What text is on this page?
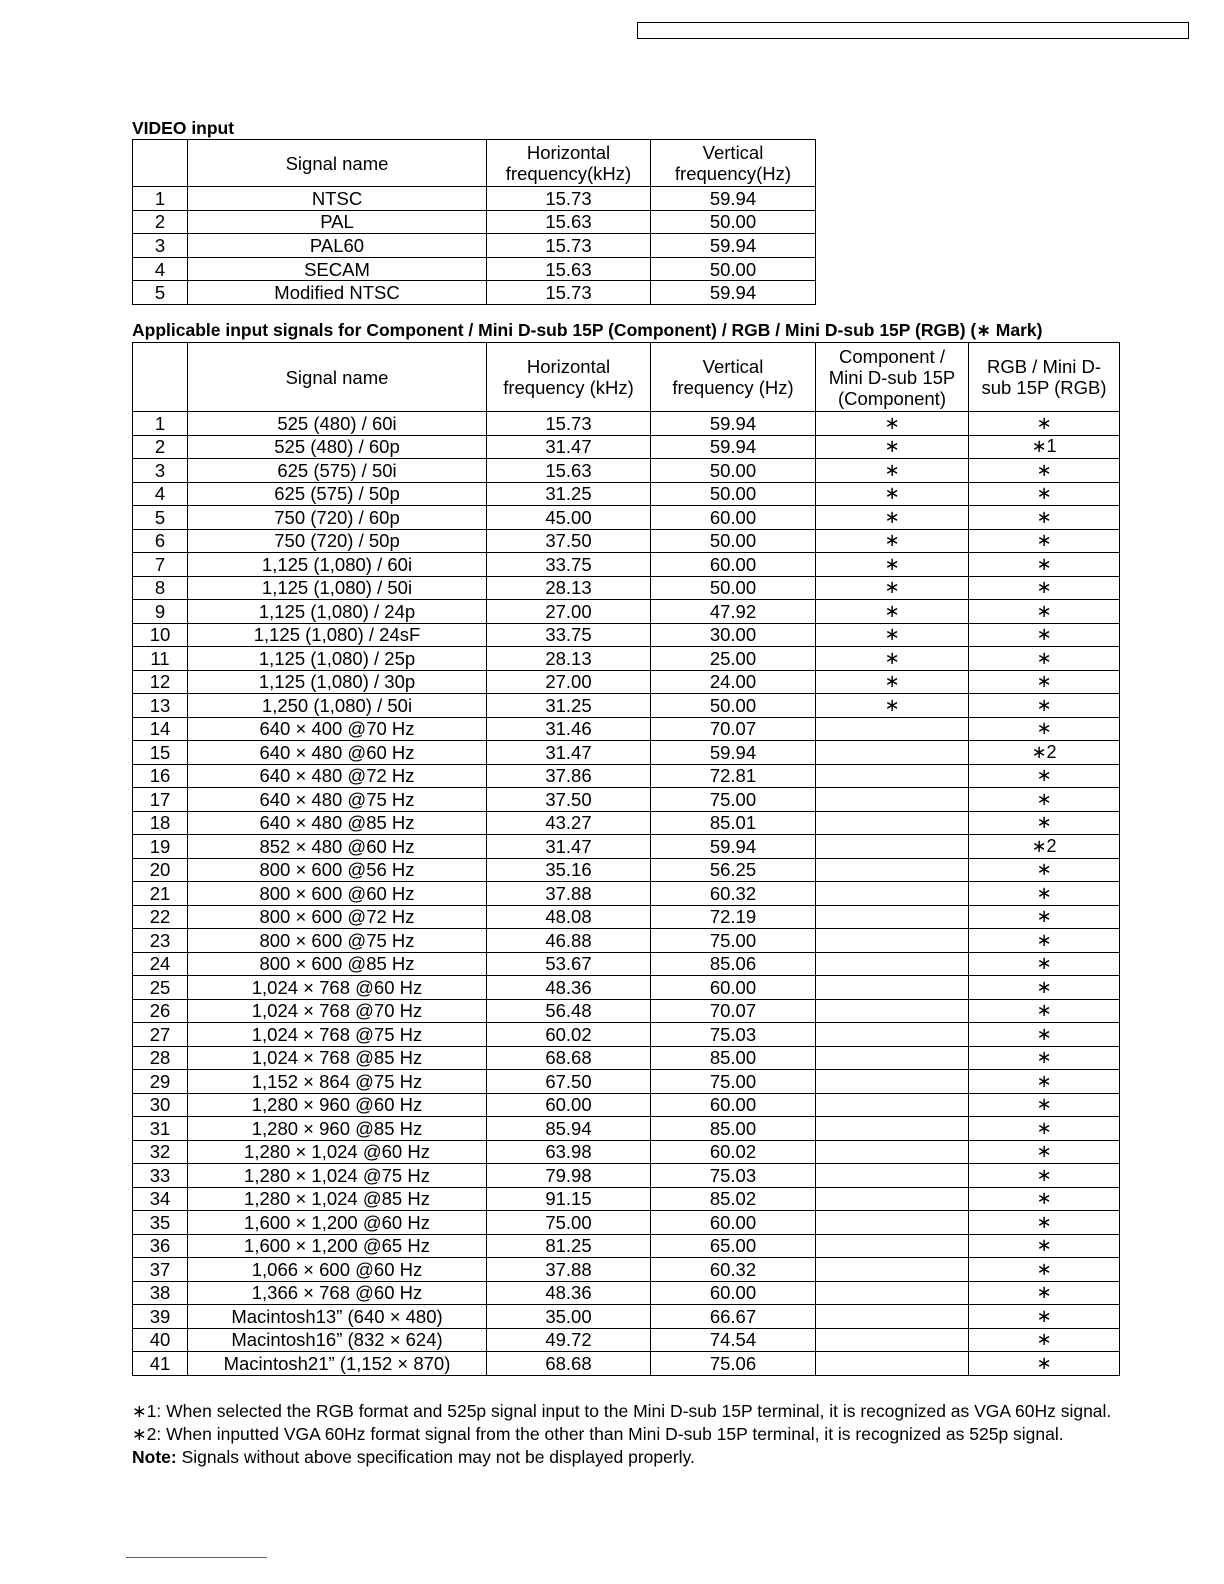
VIDEO input
	Signal name	Horizontal frequency(kHz)	Vertical frequency(Hz)
1	NTSC	15.73	59.94
2	PAL	15.63	50.00
3	PAL60	15.73	59.94
4	SECAM	15.63	50.00
5	Modified NTSC	15.73	59.94
Applicable input signals for Component / Mini D-sub 15P (Component) / RGB / Mini D-sub 15P (RGB) (∗ Mark)
	Signal name	Horizontal frequency (kHz)	Vertical frequency (Hz)	Component / Mini D-sub 15P (Component)	RGB / Mini D-sub 15P (RGB)
1	525 (480) / 60i	15.73	59.94	∗	∗
2	525 (480) / 60p	31.47	59.94	∗	∗1
3	625 (575) / 50i	15.63	50.00	∗	∗
4	625 (575) / 50p	31.25	50.00	∗	∗
5	750 (720) / 60p	45.00	60.00	∗	∗
6	750 (720) / 50p	37.50	50.00	∗	∗
7	1,125 (1,080) / 60i	33.75	60.00	∗	∗
8	1,125 (1,080) / 50i	28.13	50.00	∗	∗
9	1,125 (1,080) / 24p	27.00	47.92	∗	∗
10	1,125 (1,080) / 24sF	33.75	30.00	∗	∗
11	1,125 (1,080) / 25p	28.13	25.00	∗	∗
12	1,125 (1,080) / 30p	27.00	24.00	∗	∗
13	1,250 (1,080) / 50i	31.25	50.00	∗	∗
14	640 × 400 @70 Hz	31.46	70.07		∗
15	640 × 480 @60 Hz	31.47	59.94		∗2
16	640 × 480 @72 Hz	37.86	72.81		∗
17	640 × 480 @75 Hz	37.50	75.00		∗
18	640 × 480 @85 Hz	43.27	85.01		∗
19	852 × 480 @60 Hz	31.47	59.94		∗2
20	800 × 600 @56 Hz	35.16	56.25		∗
21	800 × 600 @60 Hz	37.88	60.32		∗
22	800 × 600 @72 Hz	48.08	72.19		∗
23	800 × 600 @75 Hz	46.88	75.00		∗
24	800 × 600 @85 Hz	53.67	85.06		∗
25	1,024 × 768 @60 Hz	48.36	60.00		∗
26	1,024 × 768 @70 Hz	56.48	70.07		∗
27	1,024 × 768 @75 Hz	60.02	75.03		∗
28	1,024 × 768 @85 Hz	68.68	85.00		∗
29	1,152 × 864 @75 Hz	67.50	75.00		∗
30	1,280 × 960 @60 Hz	60.00	60.00		∗
31	1,280 × 960 @85 Hz	85.94	85.00		∗
32	1,280 × 1,024 @60 Hz	63.98	60.02		∗
33	1,280 × 1,024 @75 Hz	79.98	75.03		∗
34	1,280 × 1,024 @85 Hz	91.15	85.02		∗
35	1,600 × 1,200 @60 Hz	75.00	60.00		∗
36	1,600 × 1,200 @65 Hz	81.25	65.00		∗
37	1,066 × 600 @60 Hz	37.88	60.32		∗
38	1,366 × 768 @60 Hz	48.36	60.00		∗
39	Macintosh13” (640 × 480)	35.00	66.67		∗
40	Macintosh16” (832 × 624)	49.72	74.54		∗
41	Macintosh21” (1,152 × 870)	68.68	75.06		∗
∗1: When selected the RGB format and 525p signal input to the Mini D-sub 15P terminal, it is recognized as VGA 60Hz signal.
∗2: When inputted VGA 60Hz format signal from the other than Mini D-sub 15P terminal, it is recognized as 525p signal.
Note: Signals without above specification may not be displayed properly.
